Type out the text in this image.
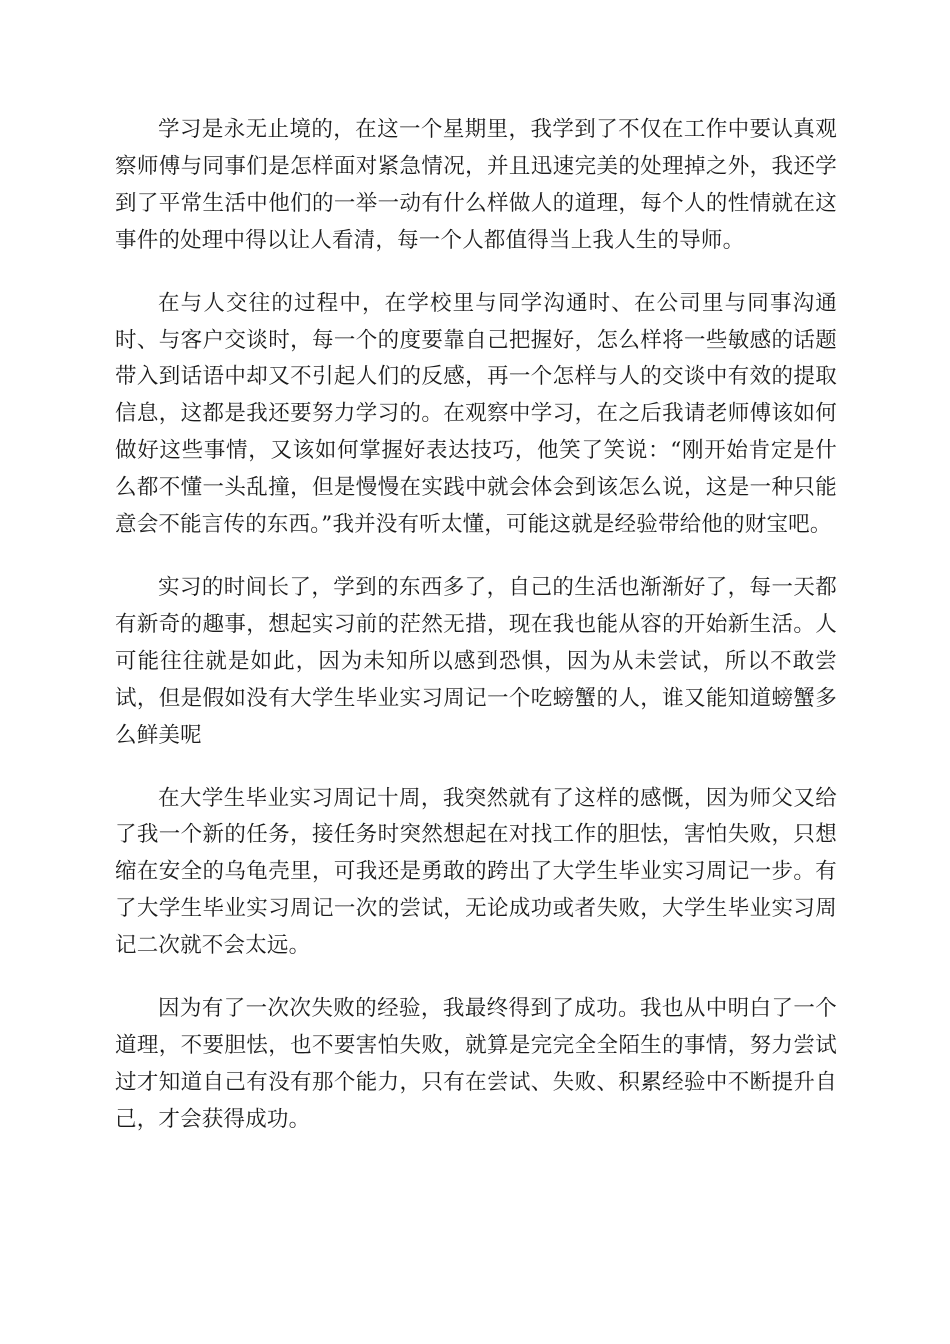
学习是永无止境的，在这一个星期里，我学到了不仅在工作中要认真观察师傅与同事们是怎样面对紧急情况，并且迅速完美的处理掉之外，我还学到了平常生活中他们的一举一动有什么样做人的道理，每个人的性情就在这事件的处理中得以让人看清，每一个人都值得当上我人生的导师。

在与人交往的过程中，在学校里与同学沟通时、在公司里与同事沟通时、与客户交谈时，每一个的度要靠自己把握好，怎么样将一些敏感的话题带入到话语中却又不引起人们的反感，再一个怎样与人的交谈中有效的提取信息，这都是我还要努力学习的。在观察中学习，在之后我请老师傅该如何做好这些事情，又该如何掌握好表达技巧，他笑了笑说：“刚开始肯定是什么都不懂一头乱撞，但是慢慢在实践中就会体会到该怎么说，这是一种只能意会不能言传的东西。”我并没有听太懂，可能这就是经验带给他的财宝吧。

实习的时间长了，学到的东西多了，自己的生活也渐渐好了，每一天都有新奇的趣事，想起实习前的茫然无措，现在我也能从容的开始新生活。人可能往往就是如此，因为未知所以感到恐惧，因为从未尝试，所以不敢尝试，但是假如没有大学生毕业实习周记一个吃螃蟹的人，谁又能知道螃蟹多么鲜美呢

在大学生毕业实习周记十周，我突然就有了这样的感慨，因为师父又给了我一个新的任务，接任务时突然想起在对找工作的胆怯，害怕失败，只想缩在安全的乌龟壳里，可我还是勇敢的跨出了大学生毕业实习周记一步。有了大学生毕业实习周记一次的尝试，无论成功或者失败，大学生毕业实习周记二次就不会太远。

因为有了一次次失败的经验，我最终得到了成功。我也从中明白了一个道理，不要胆怯，也不要害怕失败，就算是完完全全陌生的事情，努力尝试过才知道自己有没有那个能力，只有在尝试、失败、积累经验中不断提升自己，才会获得成功。
